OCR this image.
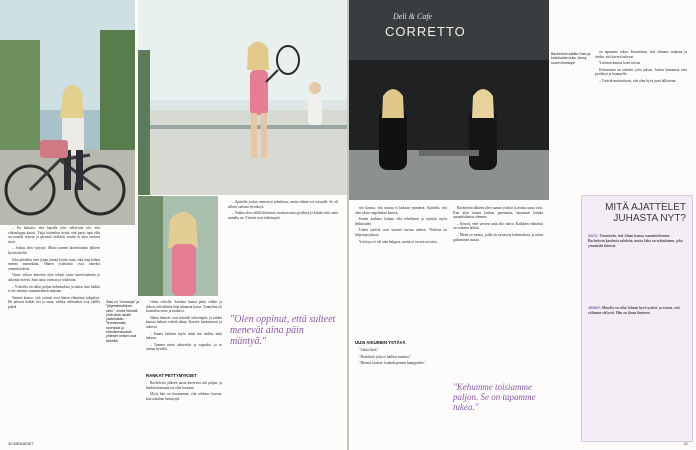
– En haluaisi, että lapsilla jäisi sellai-nen olo, että viikonloppu katosi. Tuija kuitenkin tietää, että paras tapa elää on nauttia arjesta ja pienistä hetkistä, mutta ei aina onnistu siinä.

– Joskus olen väsynyt. Mutta tunnen lastenhoidon jälkeen hyvää mieltä.

Joka päiväkin teen jotain pientä kotiin vaan, eikä aina haluta mennä minnekään. Hänen ystävänsä ovat onneksi ymmärtäväisiä.

Viime viikon ihmeistä olen tehnyt uusia kaverisuhteita ja uskonut itseeni. Sain uutta voimaa ja rohkeutta.

– Ystäviltä on tullut paljon kokemuksia ja tukea, kun kaikki ei ole mennyt suunnitelmien mukaan.

Nainen kertoo, että ystävät ovat hänen elämänsä tukipilari. He jakavat kaikki ilot ja surut, vaikka välimatkat ovat välillä pitkiä.

Satu on "innostuja" ja "järjestelmällinen sielu", mutta hänellä yhtä lailla nauttii ystävistään. Tennismailat, ravintolat ja elämänmakuiset, yhteiset hetket ovat tärkeitä.

viime viikolla. Sainhan kaatai pitkä viikko ja siihen, että lähetin ihan tuhansia kuvia. Tunnelma oli kuitenkin rento ja mukava.

Nämä ihmiset ovat minulle tärkeimpiä, ja niiden kanssa haluan viettää aikaa. Kaverit kannustavat ja tukevat.

– Ennen kaikkea myös minä itse tiedän, mitä haluan.

– Tunnen itseni aikuiseksi ja vapaaksi, ja se tuntuu hyvältä.

RANKAT PETTYMYKSET

Bachelorin jälkeen uusia kavereita tuli paljon, ja heidän kanssaan on ollut hauskaa.

Myös hän on huomannut, että rohkeus kasvaa, kun uskaltaa heittäytyä.

– Ajattelin joskus menestyä urheilussa, mutta elämä vei toisaalle. Se oli silloin vaikeaa hyväksyä.

– Vaikka olen välillä kiireinen, muistan aina pysähtyä ja kiittää siitä, mitä minulla on. Ystävät ovat tärkeimpiä.

"Olen oppinut, että sulteet menevät aina päin mäntyä."
30 MENAISET
Deli & Cafe
CORRETTO
Bachelorin sallittu Satu ja kahviloiden tuttu Jenny suurin ilmestys!

on tapamme tukea. Kunnioitan, että olemme mukana ja tiedän, että kaverit tukevat.

Ystävien kanssa koen turvaa.

Kehuminen on tärkeää, jotta jaksaa. Joskus kannattaa vain pysähtyä ja kuunnella.

– Ystävät muistuttavat, että olen hyvä juuri tällaisena.

sen kanssa, että minua ei kukaan ymmärrä. Ajattelin, että olen yksin ongelmieni kanssa.

Ennen kaikkea haluan olla rehellinen ja näyttää myös heikkoudet.

Uudet ystävät ovat tuoneet turvaa arkeen. Yhdessä on helpompi jaksaa.

Ystävyys ei ole aina helppoa, mutta se on sen arvoista.

UUSI AIKUINEN YSTÄVÄ

"Lähtä likeä."

"Hoskikeli, joka ei hallitse tunteita."

"Huonot hiukset, hankala pennut kamppailee."

Bachelorin jälkeen olen saanut ystäviä ja avattu uusia ovia. Kun alan tuntea jonkun paremmin, huomaan kuinka samankaltaisia olemme.

– Kerron, ettei tarvitse aina olla vahva. Kaikkien elämässä on vaikeita hetkiä.

– Meitä on monta, joilla on vastaavia kokemuksia, ja niistä puhuminen auttaa.

"Kehumme toisiamme paljon. Se on tapamme tukea."
MITÄ AJATTELET JUHASTA NYT?
SATU: Ymmärrän, että Juhan kanssa suunnittelemme Bachelorin kaudesta suhdetta, mutta Juha on eräänlainen, joka ymmärtää ihmistä.
JENNY: Minulla on ollut Juhaan hyvä ystävä, ja toivon, että välimme säilyvät. Hän on ihana ihminen.
31
